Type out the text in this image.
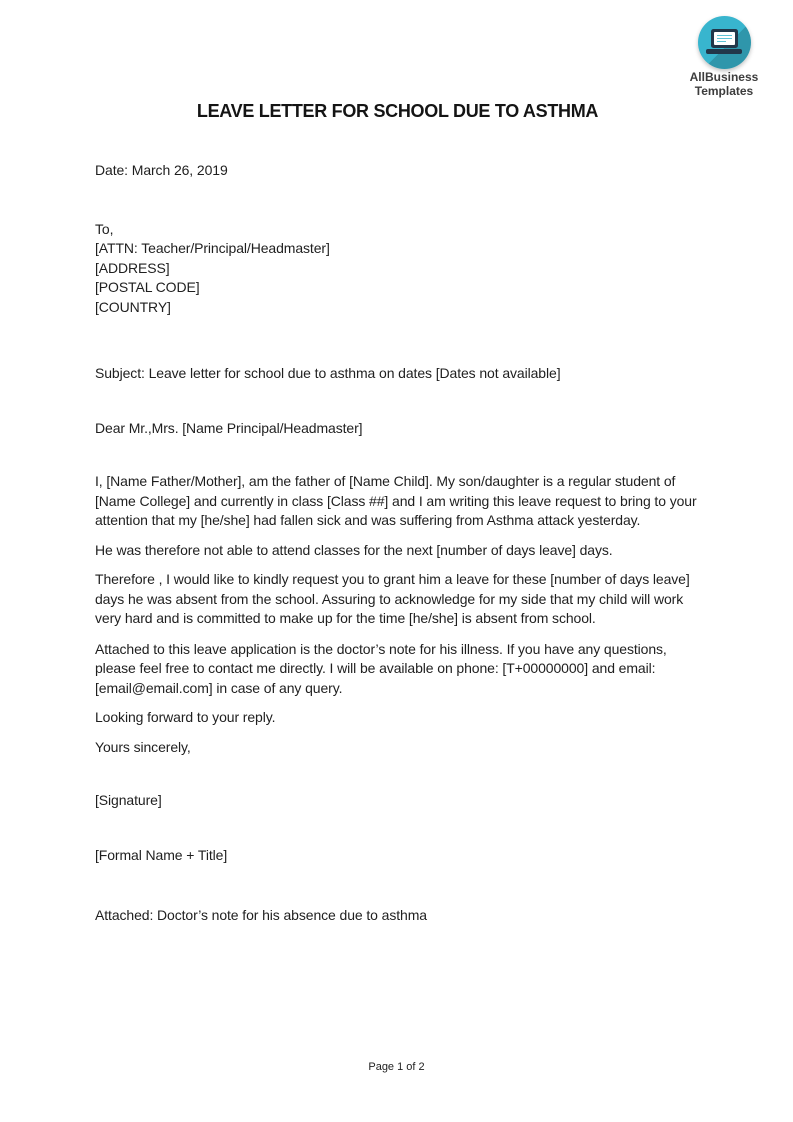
AllBusiness
Templates
LEAVE LETTER FOR SCHOOL DUE TO ASTHMA

Date: March 26, 2019

To,
[ATTN: Teacher/Principal/Headmaster]
[ADDRESS]
[POSTAL CODE]
[COUNTRY]

Subject: Leave letter for school due to asthma on dates [Dates not available]

Dear Mr.,Mrs. [Name Principal/Headmaster]

I, [Name Father/Mother], am the father of [Name Child]. My son/daughter is a regular student of [Name College] and currently in class [Class ##] and I am writing this leave request to bring to your attention that my [he/she] had fallen sick and was suffering from Asthma attack yesterday.

He was therefore not able to attend classes for the next [number of days leave] days.

Therefore , I would like to kindly request you to grant him a leave for these [number of days leave] days he was absent from the school. Assuring to acknowledge for my side that my child will work very hard and is committed to make up for the time [he/she] is absent from school.

Attached to this leave application is the doctor’s note for his illness. If you have any questions, please feel free to contact me directly. I will be available on phone: [T+00000000] and email: [email@email.com] in case of any query.

Looking forward to your reply.

Yours sincerely,

[Signature]

[Formal Name + Title]

Attached: Doctor’s note for his absence due to asthma

Page 1 of 2
